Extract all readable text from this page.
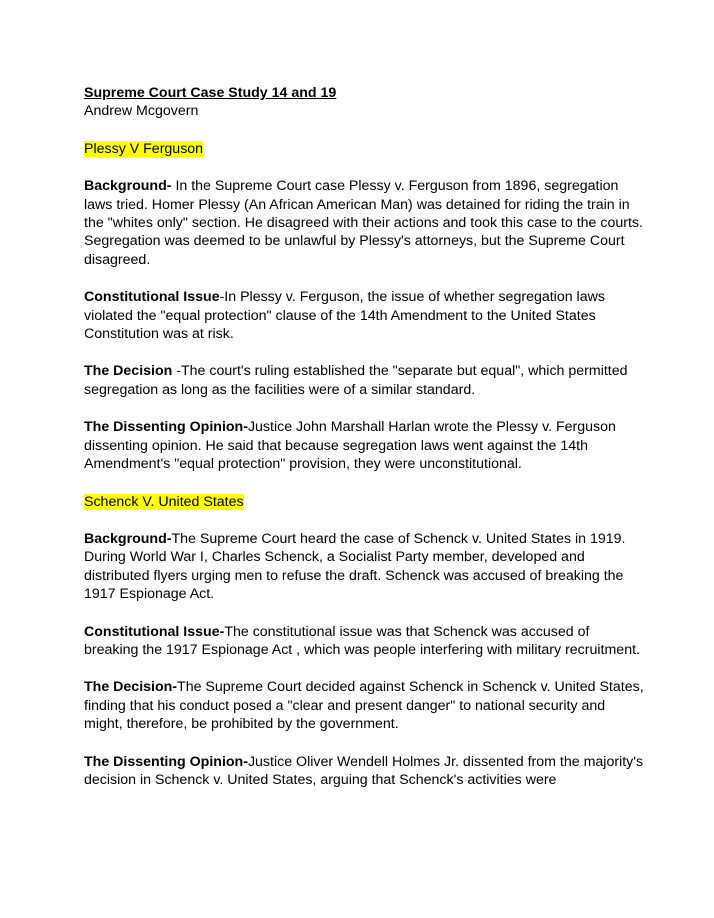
Supreme Court Case Study 14 and 19

Andrew Mcgovern

Plessy V Ferguson

Background- In the Supreme Court case Plessy v. Ferguson from 1896, segregation laws tried. Homer Plessy (An African American Man) was detained for riding the train in the "whites only" section. He disagreed with their actions and took this case to the courts. Segregation was deemed to be unlawful by Plessy's attorneys, but the Supreme Court disagreed.

Constitutional Issue-In Plessy v. Ferguson, the issue of whether segregation laws violated the "equal protection" clause of the 14th Amendment to the United States Constitution was at risk.

The Decision -The court's ruling established the "separate but equal", which permitted segregation as long as the facilities were of a similar standard.

The Dissenting Opinion-Justice John Marshall Harlan wrote the Plessy v. Ferguson dissenting opinion. He said that because segregation laws went against the 14th Amendment's "equal protection" provision, they were unconstitutional.

Schenck V. United States

Background-The Supreme Court heard the case of Schenck v. United States in 1919. During World War I, Charles Schenck, a Socialist Party member, developed and distributed flyers urging men to refuse the draft. Schenck was accused of breaking the 1917 Espionage Act.

Constitutional Issue-The constitutional issue was that Schenck was accused of breaking the 1917 Espionage Act , which was people interfering with military recruitment.

The Decision-The Supreme Court decided against Schenck in Schenck v. United States, finding that his conduct posed a "clear and present danger" to national security and might, therefore, be prohibited by the government.

The Dissenting Opinion-Justice Oliver Wendell Holmes Jr. dissented from the majority's decision in Schenck v. United States, arguing that Schenck's activities were
